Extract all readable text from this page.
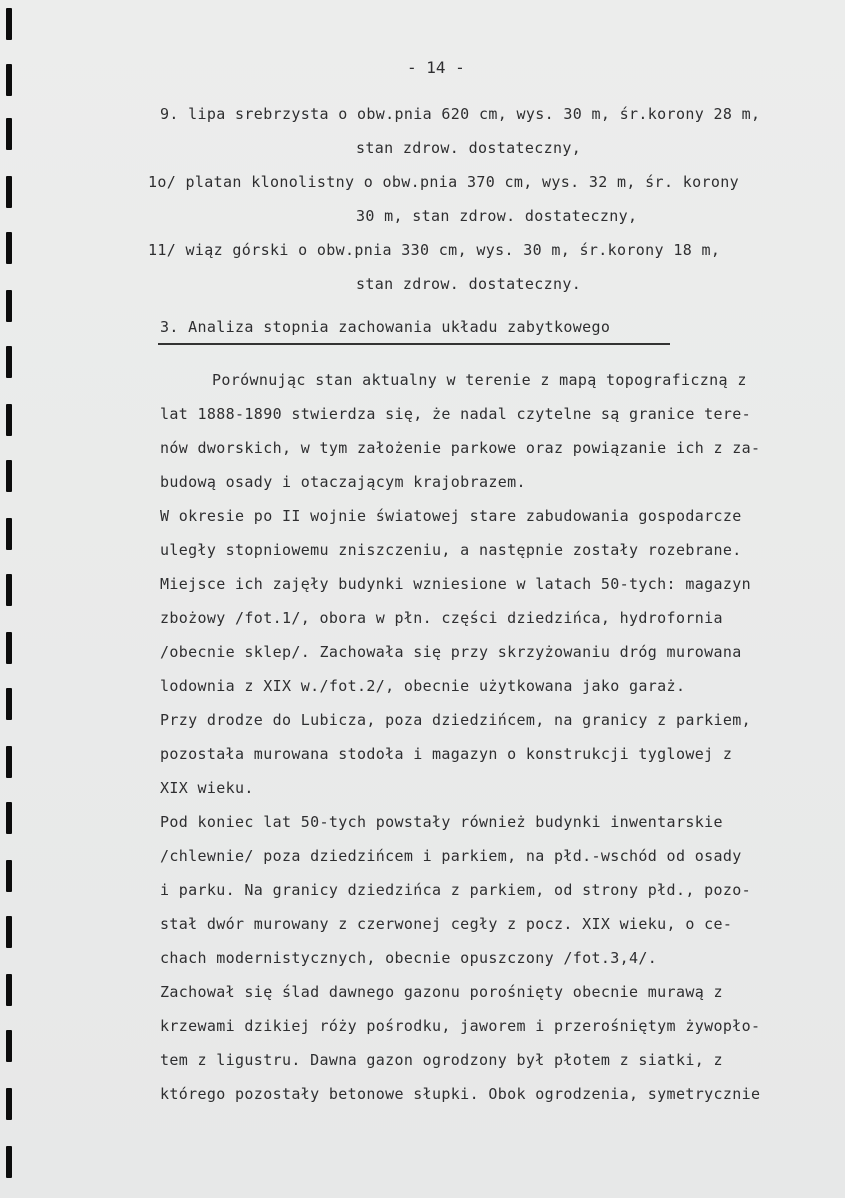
- 14 -
9. lipa srebrzysta o obw.pnia 620 cm, wys. 30 m, śr.korony 28 m,
stan zdrow. dostateczny,
1o/ platan klonolistny o obw.pnia 370 cm, wys. 32 m, śr. korony
30 m, stan zdrow. dostateczny,
11/ wiąz górski o obw.pnia 330 cm, wys. 30 m, śr.korony 18 m,
stan zdrow. dostateczny.
3. Analiza stopnia zachowania układu zabytkowego
Porównując stan aktualny w terenie z mapą topograficzną z
lat 1888-1890 stwierdza się, że nadal czytelne są granice tere-
nów dworskich, w tym założenie parkowe oraz powiązanie ich z za-
budową osady i otaczającym krajobrazem.
W okresie po II wojnie światowej stare zabudowania gospodarcze
uległy stopniowemu zniszczeniu, a następnie zostały rozebrane.
Miejsce ich zajęły budynki wzniesione w latach 50-tych: magazyn
zbożowy /fot.1/, obora w płn. części dziedzińca, hydrofornia
/obecnie sklep/. Zachowała się przy skrzyżowaniu dróg murowana
lodownia z XIX w./fot.2/, obecnie użytkowana jako garaż.
Przy drodze do Lubicza, poza dziedzińcem, na granicy z parkiem,
pozostała murowana stodoła i magazyn o konstrukcji tyglowej z
XIX wieku.
Pod koniec lat 50-tych powstały również budynki inwentarskie
/chlewnie/ poza dziedzińcem i parkiem, na płd.-wschód od osady
i parku. Na granicy dziedzińca z parkiem, od strony płd., pozo-
stał dwór murowany z czerwonej cegły z pocz. XIX wieku, o ce-
chach modernistycznych, obecnie opuszczony /fot.3,4/.
Zachował się ślad dawnego gazonu porośnięty obecnie murawą z
krzewami dzikiej róży pośrodku, jaworem i przerośniętym żywopło-
tem z ligustru. Dawna gazon ogrodzony był płotem z siatki, z
którego pozostały betonowe słupki. Obok ogrodzenia, symetrycznie
